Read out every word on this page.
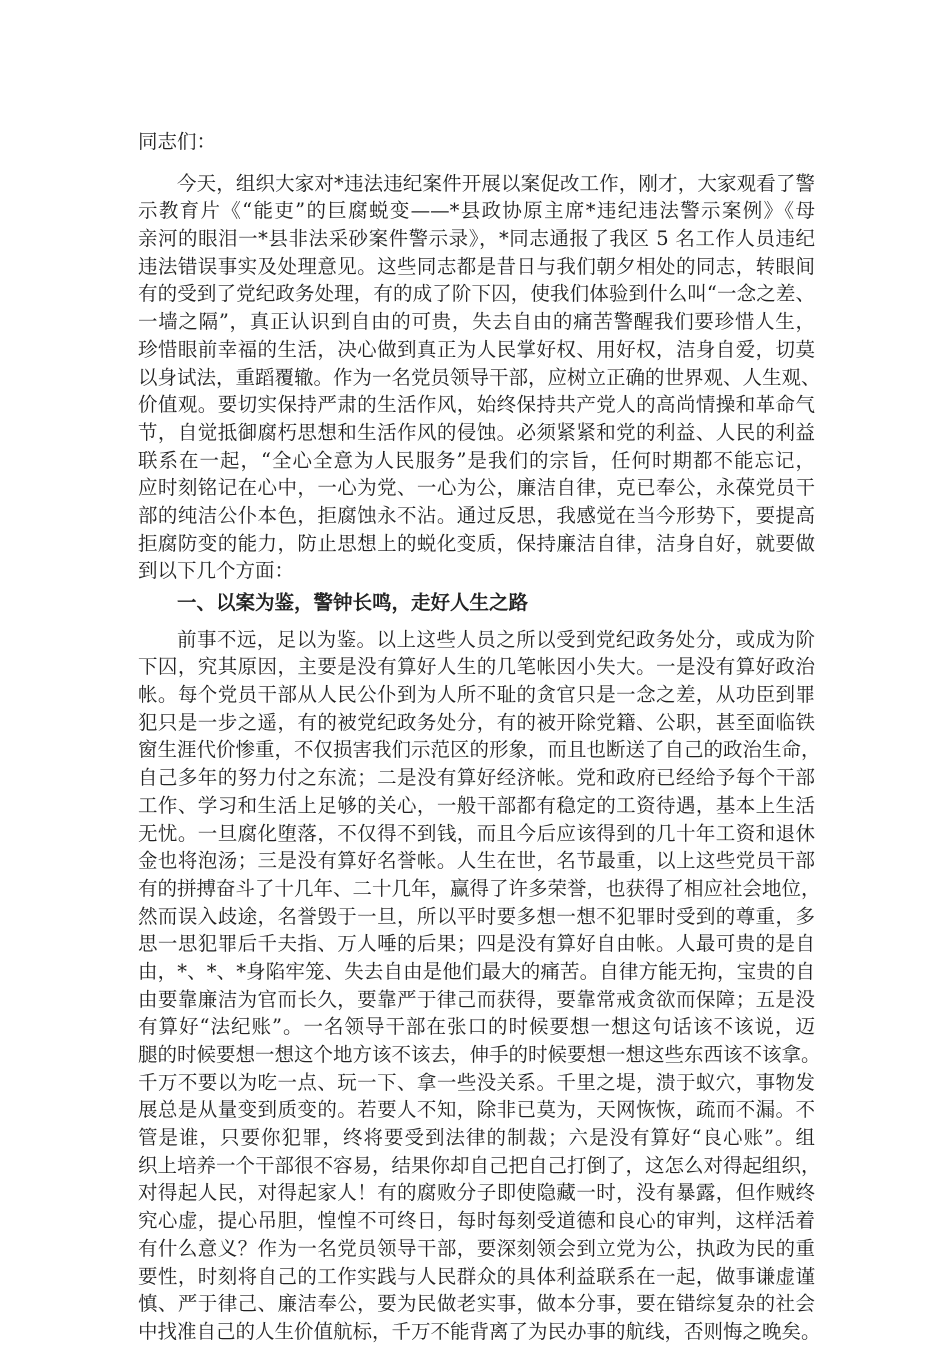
同志们：
今天，组织大家对*违法违纪案件开展以案促改工作，刚才，大家观看了警
示教育片《“能吏”的巨腐蜕变——*县政协原主席*违纪违法警示案例》《母
亲河的眼泪一*县非法采砂案件警示录》，*同志通报了我区 5 名工作人员违纪
违法错误事实及处理意见。这些同志都是昔日与我们朝夕相处的同志，转眼间
有的受到了党纪政务处理，有的成了阶下囚，使我们体验到什么叫“一念之差、
一墙之隔”，真正认识到自由的可贵，失去自由的痛苦警醒我们要珍惜人生，
珍惜眼前幸福的生活，决心做到真正为人民掌好权、用好权，洁身自爱，切莫
以身试法，重蹈覆辙。作为一名党员领导干部，应树立正确的世界观、人生观、
价值观。要切实保持严肃的生活作风，始终保持共产党人的高尚情操和革命气
节，自觉抵御腐朽思想和生活作风的侵蚀。必须紧紧和党的利益、人民的利益
联系在一起，“全心全意为人民服务”是我们的宗旨，任何时期都不能忘记，
应时刻铭记在心中，一心为党、一心为公，廉洁自律，克已奉公，永葆党员干
部的纯洁公仆本色，拒腐蚀永不沾。通过反思，我感觉在当今形势下，要提高
拒腐防变的能力，防止思想上的蜕化变质，保持廉洁自律，洁身自好，就要做
到以下几个方面：
一、以案为鉴，警钟长鸣，走好人生之路
前事不远，足以为鉴。以上这些人员之所以受到党纪政务处分，或成为阶
下囚，究其原因，主要是没有算好人生的几笔帐因小失大。一是没有算好政治
帐。每个党员干部从人民公仆到为人所不耻的贪官只是一念之差，从功臣到罪
犯只是一步之遥，有的被党纪政务处分，有的被开除党籍、公职，甚至面临铁
窗生涯代价惨重，不仅损害我们示范区的形象，而且也断送了自己的政治生命，
自己多年的努力付之东流；二是没有算好经济帐。党和政府已经给予每个干部
工作、学习和生活上足够的关心，一般干部都有稳定的工资待遇，基本上生活
无忧。一旦腐化堕落，不仅得不到钱，而且今后应该得到的几十年工资和退休
金也将泡汤；三是没有算好名誉帐。人生在世，名节最重，以上这些党员干部
有的拼搏奋斗了十几年、二十几年，赢得了许多荣誉，也获得了相应社会地位，
然而误入歧途，名誉毁于一旦，所以平时要多想一想不犯罪时受到的尊重，多
思一思犯罪后千夫指、万人唾的后果；四是没有算好自由帐。人最可贵的是自
由，*、*、*身陷牢笼、失去自由是他们最大的痛苦。自律方能无拘，宝贵的自
由要靠廉洁为官而长久，要靠严于律己而获得，要靠常戒贪欲而保障；五是没
有算好“法纪账”。一名领导干部在张口的时候要想一想这句话该不该说，迈
腿的时候要想一想这个地方该不该去，伸手的时候要想一想这些东西该不该拿。
千万不要以为吃一点、玩一下、拿一些没关系。千里之堤，溃于蚁穴，事物发
展总是从量变到质变的。若要人不知，除非已莫为，天网恢恢，疏而不漏。不
管是谁，只要你犯罪，终将要受到法律的制裁；六是没有算好“良心账”。组
织上培养一个干部很不容易，结果你却自己把自己打倒了，这怎么对得起组织，
对得起人民，对得起家人！有的腐败分子即使隐藏一时，没有暴露，但作贼终
究心虚，提心吊胆，惶惶不可终日，每时每刻受道德和良心的审判，这样活着
有什么意义？作为一名党员领导干部，要深刻领会到立党为公，执政为民的重
要性，时刻将自己的工作实践与人民群众的具体利益联系在一起，做事谦虚谨
慎、严于律己、廉洁奉公，要为民做老实事，做本分事，要在错综复杂的社会
中找准自己的人生价值航标，千万不能背离了为民办事的航线，否则悔之晚矣。
